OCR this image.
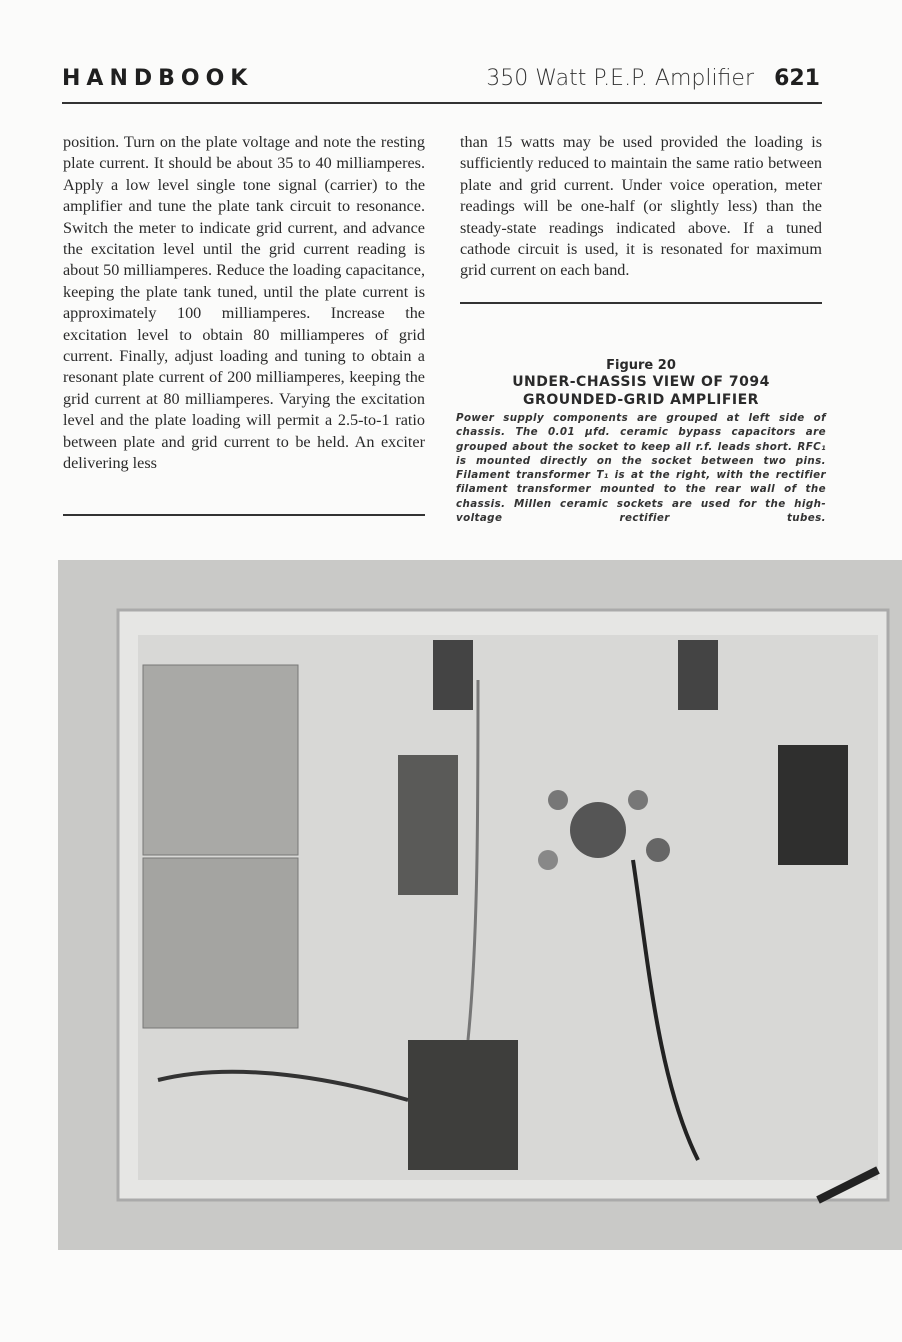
HANDBOOK	350 Watt P.E.P. Amplifier 621
position. Turn on the plate voltage and note the resting plate current. It should be about 35 to 40 milliamperes. Apply a low level single tone signal (carrier) to the amplifier and tune the plate tank circuit to resonance. Switch the meter to indicate grid current, and advance the excitation level until the grid current reading is about 50 milliamperes. Reduce the loading capacitance, keeping the plate tank tuned, until the plate current is approximately 100 milliamperes. Increase the excitation level to obtain 80 milliamperes of grid current. Finally, adjust loading and tuning to obtain a resonant plate current of 200 milliamperes, keeping the grid current at 80 milliamperes. Varying the excitation level and the plate loading will permit a 2.5-to-1 ratio between plate and grid current to be held. An exciter delivering less
than 15 watts may be used provided the loading is sufficiently reduced to maintain the same ratio between plate and grid current. Under voice operation, meter readings will be one-half (or slightly less) than the steady-state readings indicated above. If a tuned cathode circuit is used, it is resonated for maximum grid current on each band.
Figure 20
UNDER-CHASSIS VIEW OF 7094
GROUNDED-GRID AMPLIFIER
Power supply components are grouped at left side of chassis. The 0.01 μfd. ceramic bypass capacitors are grouped about the socket to keep all r.f. leads short. RFC₁ is mounted directly on the socket between two pins. Filament transformer T₁ is at the right, with the rectifier filament transformer mounted to the rear wall of the chassis. Millen ceramic sockets are used for the high-voltage rectifier tubes.
